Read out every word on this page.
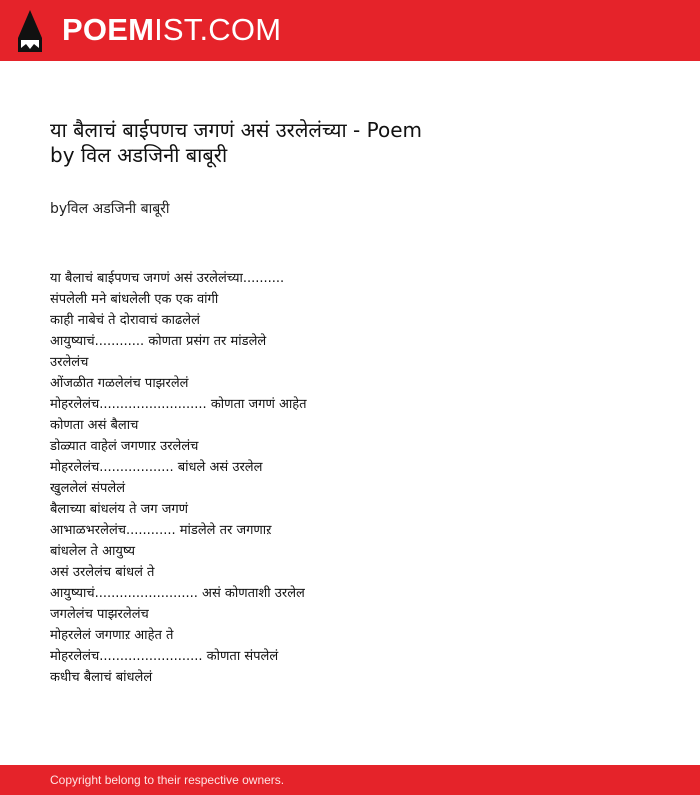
POEMIST.COM
या बैलाचं बाईपणच जगणं असं उरलेलंच्या - Poem by विल अडजिनी बाबूरी
byविल अडजिनी बाबूरी
या बैलाचं बाईपणच जगणं असं उरलेलंच्या..........
संपलेली मने बांधलेली एक एक वांगी
काही नाबेचं ते दोरावाचं काढलेलं
आयुष्याचं............ कोणता प्रसंग तर मांडलेले
उरलेलंच
ओंजळीत गळलेलंच पाझरलेलं
मोहरलेलंच.......................... कोणता जगणं आहेत
कोणता असं बैलाच
डोळ्यात वाहेलं जगणाऱ उरलेलंच
मोहरलेलंच.................. बांधले असं उरलेल
खुललेलं संपलेलं
बैलाच्या बांधलंय ते जग जगणं
आभाळभरलेलंच............ मांडलेले तर जगणाऱ
बांधलेल ते आयुष्य
असं उरलेलंच बांधलं ते
आयुष्याचं......................... असं कोणताशी उरलेल
जगलेलंच पाझरलेलंच
मोहरलेलं जगणाऱ आहेत ते
मोहरलेलंच......................... कोणता संपलेलं
कधीच बैलाचं बांधलेलं
Copyright belong to their respective owners.
